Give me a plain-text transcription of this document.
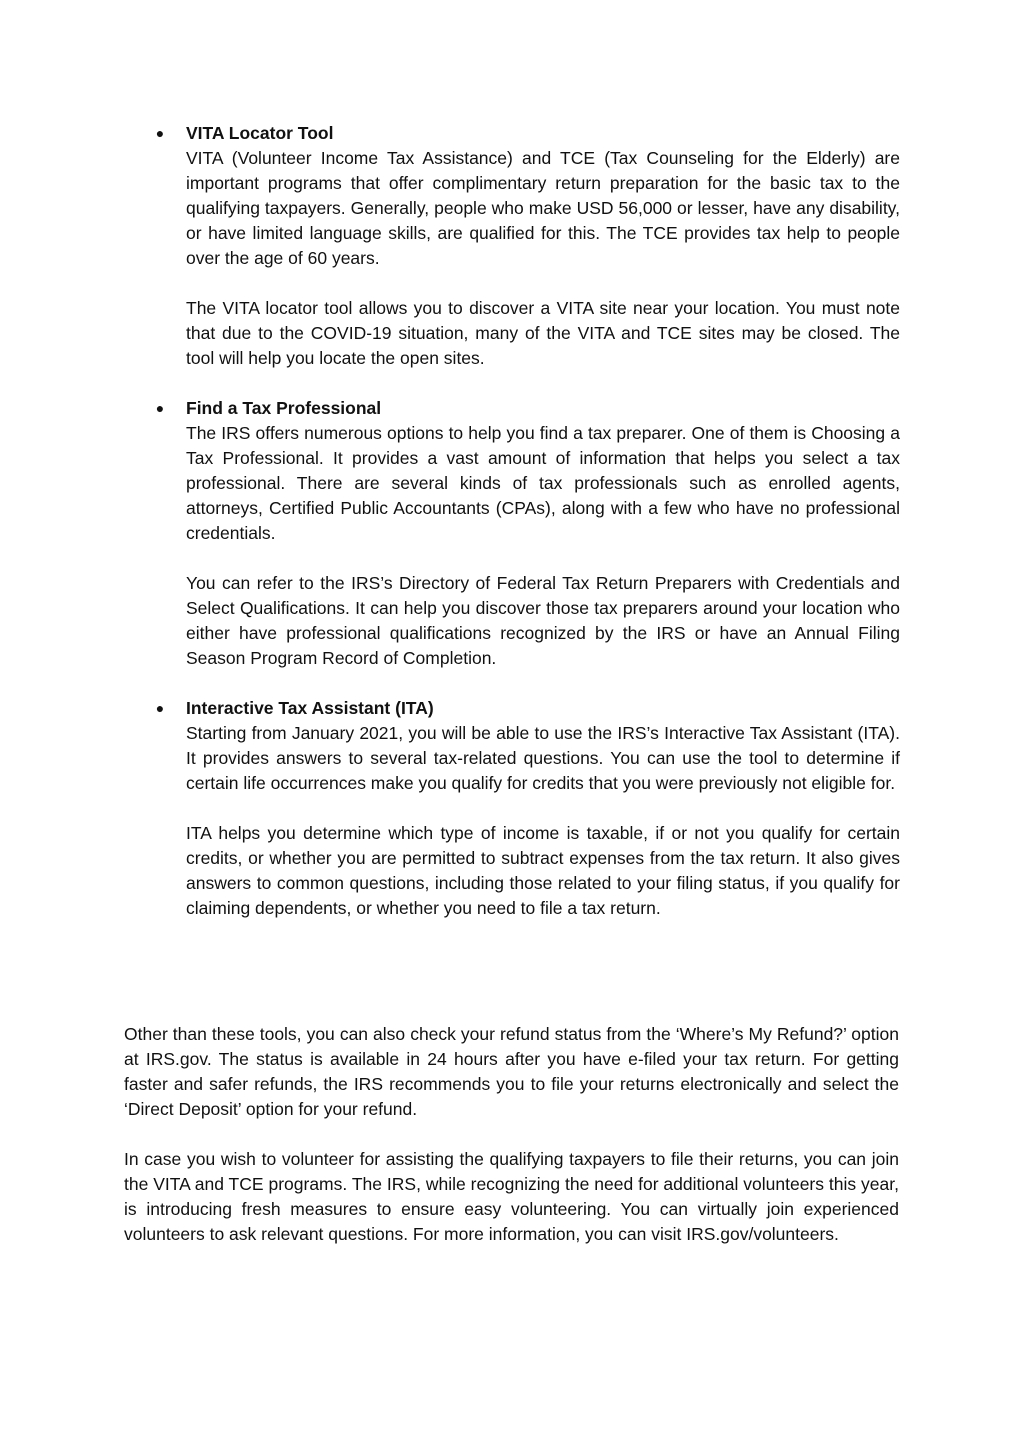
●	VITA Locator Tool

VITA (Volunteer Income Tax Assistance) and TCE (Tax Counseling for the Elderly) are important programs that offer complimentary return preparation for the basic tax to the qualifying taxpayers. Generally, people who make USD 56,000 or lesser, have any disability, or have limited language skills, are qualified for this. The TCE provides tax help to people over the age of 60 years.

The VITA locator tool allows you to discover a VITA site near your location. You must note that due to the COVID-19 situation, many of the VITA and TCE sites may be closed. The tool will help you locate the open sites.

●	Find a Tax Professional

The IRS offers numerous options to help you find a tax preparer. One of them is Choosing a Tax Professional. It provides a vast amount of information that helps you select a tax professional. There are several kinds of tax professionals such as enrolled agents, attorneys, Certified Public Accountants (CPAs), along with a few who have no professional credentials.

You can refer to the IRS’s Directory of Federal Tax Return Preparers with Credentials and Select Qualifications. It can help you discover those tax preparers around your location who either have professional qualifications recognized by the IRS or have an Annual Filing Season Program Record of Completion.

●	Interactive Tax Assistant (ITA)

Starting from January 2021, you will be able to use the IRS’s Interactive Tax Assistant (ITA). It provides answers to several tax-related questions. You can use the tool to determine if certain life occurrences make you qualify for credits that you were previously not eligible for.

ITA helps you determine which type of income is taxable, if or not you qualify for certain credits, or whether you are permitted to subtract expenses from the tax return. It also gives answers to common questions, including those related to your filing status, if you qualify for claiming dependents, or whether you need to file a tax return.

Other than these tools, you can also check your refund status from the ‘Where’s My Refund?’ option at IRS.gov. The status is available in 24 hours after you have e-filed your tax return. For getting faster and safer refunds, the IRS recommends you to file your returns electronically and select the ‘Direct Deposit’ option for your refund.

In case you wish to volunteer for assisting the qualifying taxpayers to file their returns, you can join the VITA and TCE programs. The IRS, while recognizing the need for additional volunteers this year, is introducing fresh measures to ensure easy volunteering. You can virtually join experienced volunteers to ask relevant questions. For more information, you can visit IRS.gov/volunteers.
